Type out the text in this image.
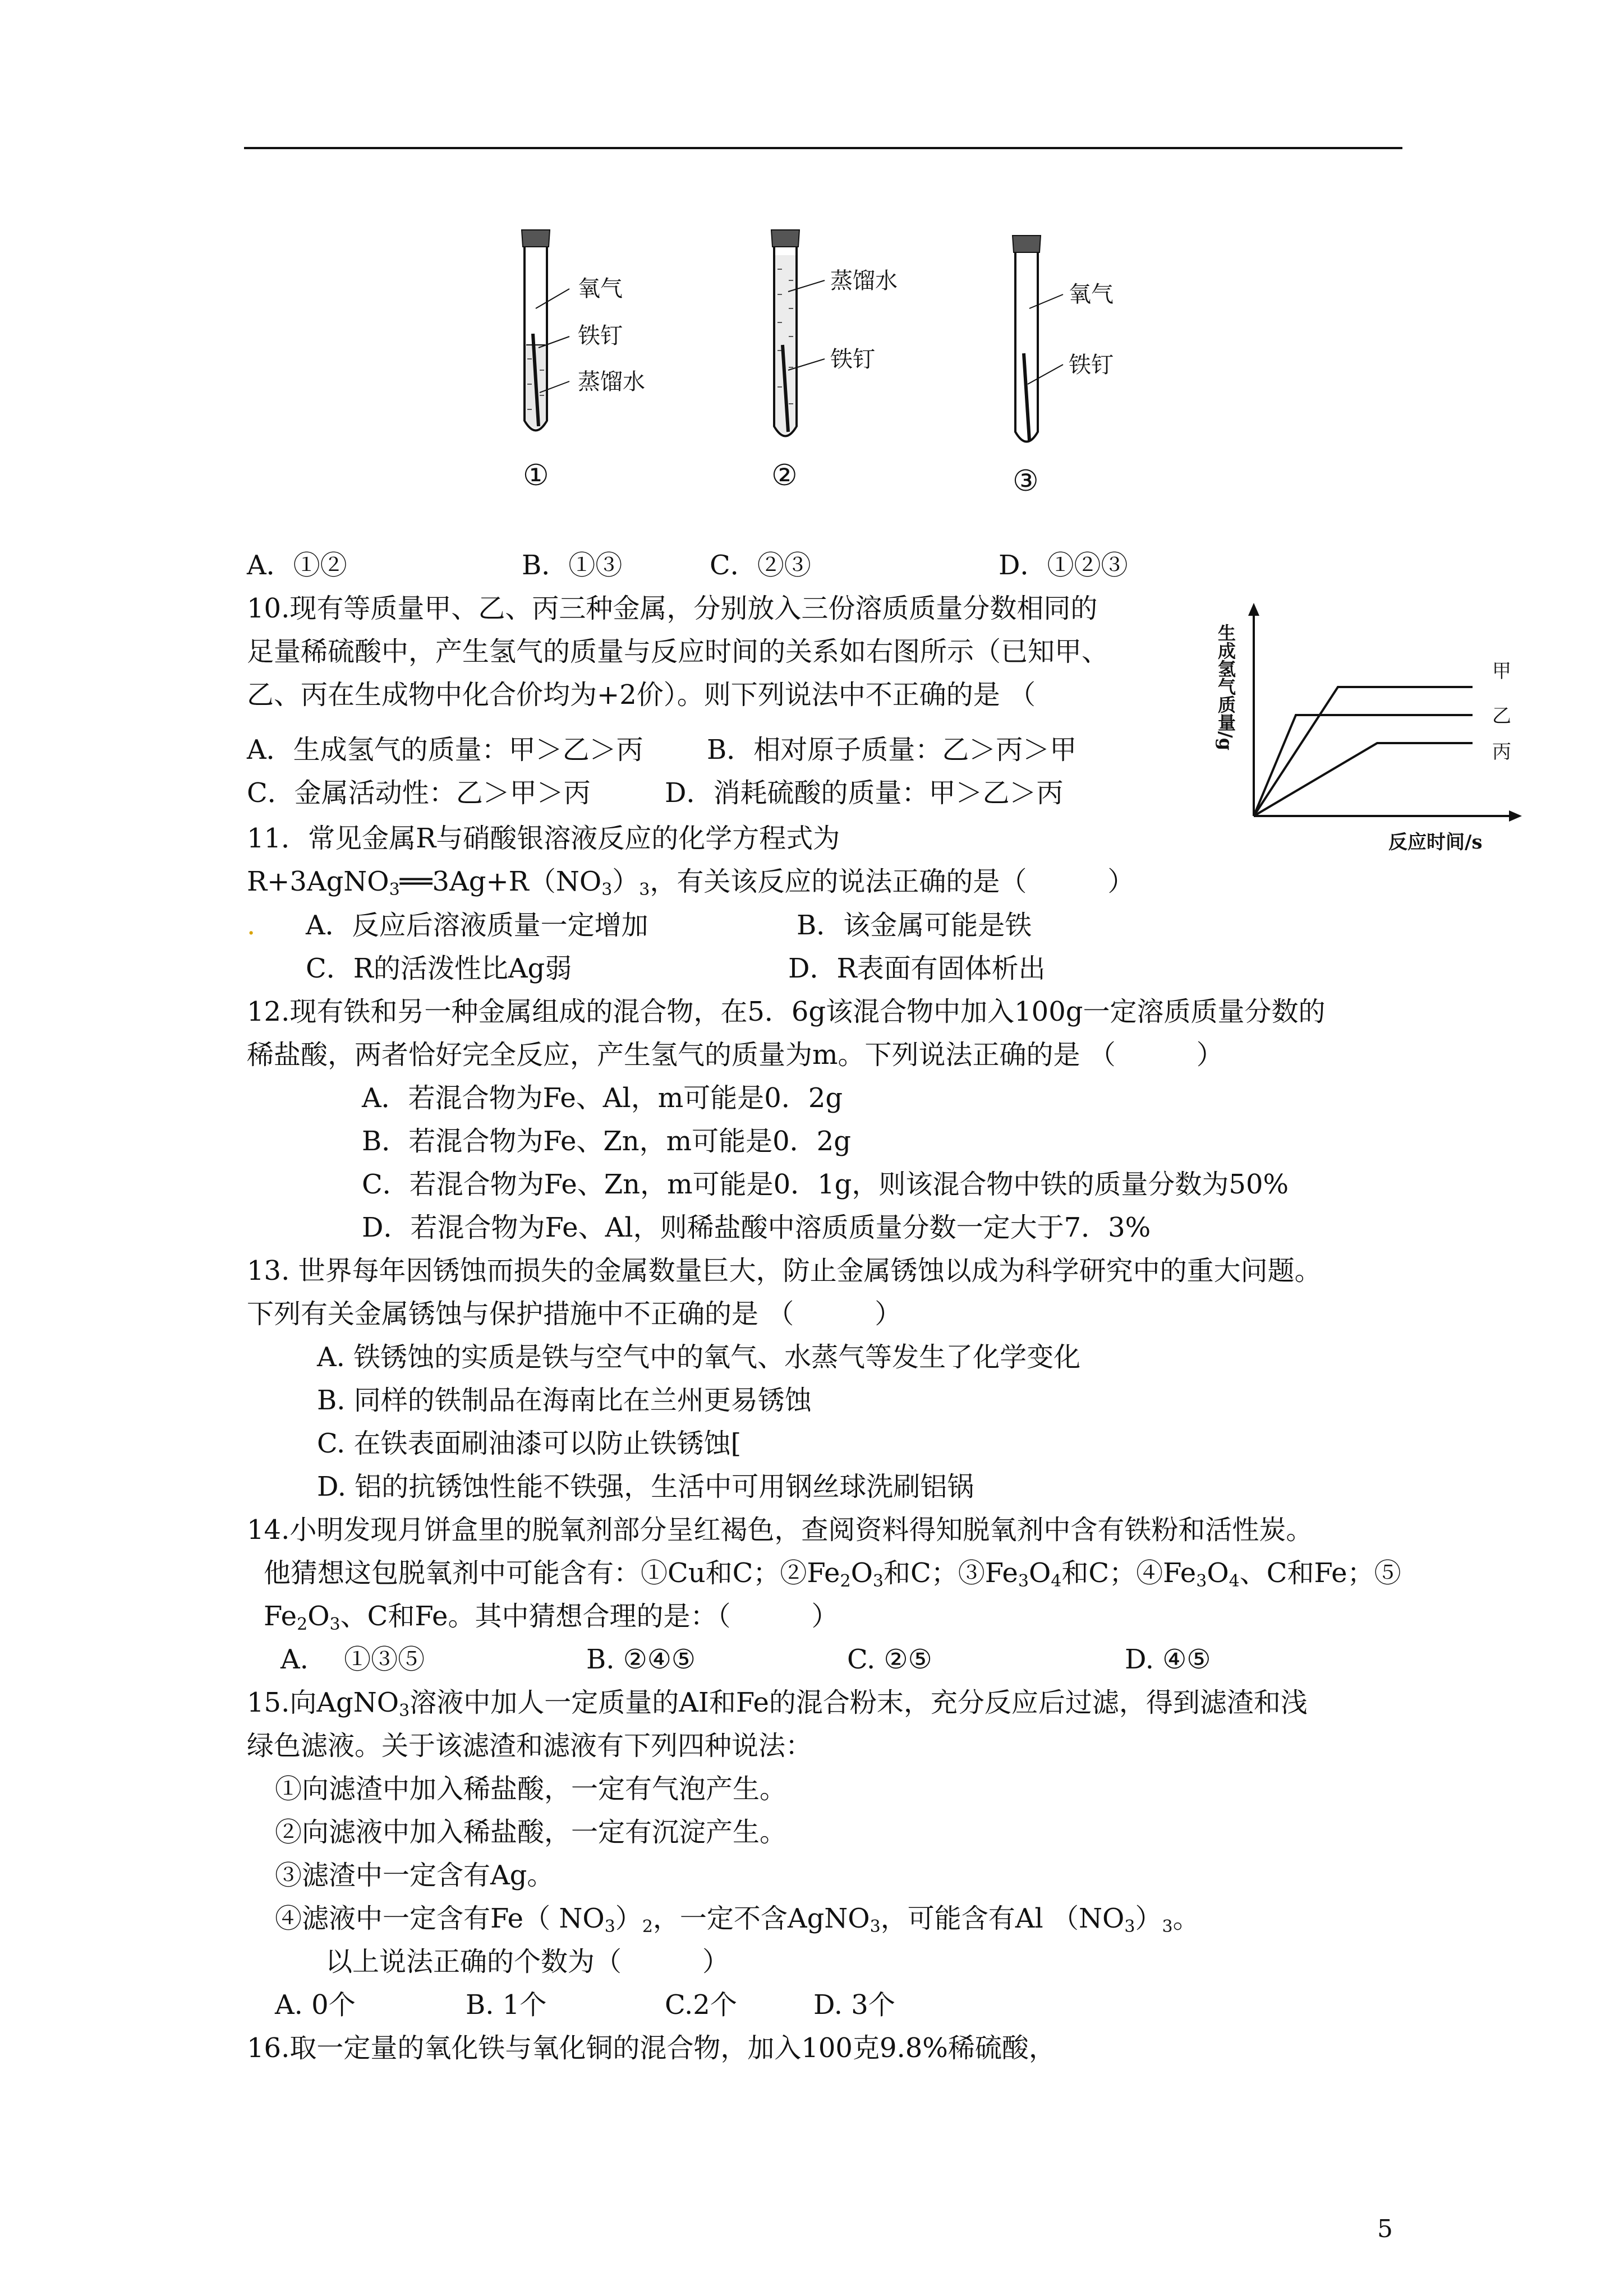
氧气
铁钉
蒸馏水
①
蒸馏水
铁钉
②
氧气
铁钉
③
A．①②	B．①③	C．②③	D．①②③
10.现有等质量甲、乙、丙三种金属，分别放入三份溶质质量分数相同的
足量稀硫酸中，产生氢气的质量与反应时间的关系如右图所示（已知甲、
乙、丙在生成物中化合价均为+2价）。则下列说法中不正确的是 （
A．生成氢气的质量：甲＞乙＞丙 B．相对原子质量：乙＞丙＞甲
C．金属活动性：乙＞甲＞丙	D．消耗硫酸的质量：甲＞乙＞丙
生成氢气质量/g
反应时间/s
甲
乙
丙
11．常见金属R与硝酸银溶液反应的化学方程式为
$R+3AgNO_3══3Ag+R(NO_3)_3$，有关该反应的说法正确的是（　　　）
. A．反应后溶液质量一定增加	B．该金属可能是铁
C．R的活泼性比Ag弱	D．R表面有固体析出
12.现有铁和另一种金属组成的混合物，在5．6g该混合物中加入100g一定溶质质量分数的
稀盐酸，两者恰好完全反应，产生氢气的质量为m。下列说法正确的是 （　　　）
A．若混合物为Fe、Al，m可能是0．2g
B．若混合物为Fe、Zn，m可能是0．2g
C．若混合物为Fe、Zn，m可能是0．1g，则该混合物中铁的质量分数为50%
D．若混合物为Fe、Al，则稀盐酸中溶质质量分数一定大于7．3%
13. 世界每年因锈蚀而损失的金属数量巨大，防止金属锈蚀以成为科学研究中的重大问题。
下列有关金属锈蚀与保护措施中不正确的是 （　　　）
A. 铁锈蚀的实质是铁与空气中的氧气、水蒸气等发生了化学变化
B. 同样的铁制品在海南比在兰州更易锈蚀
C. 在铁表面刷油漆可以防止铁锈蚀[
D. 铝的抗锈蚀性能不铁强，生活中可用钢丝球洗刷铝锅
14.小明发现月饼盒里的脱氧剂部分呈红褐色，查阅资料得知脱氧剂中含有铁粉和活性炭。
他猜想这包脱氧剂中可能含有：①Cu和C；$②Fe_2O_3$和C；$③Fe_3O_4$和C；$④Fe_3O_4$、C和Fe；⑤
$Fe_2O_3$、C和Fe。其中猜想合理的是：（　　　）
A.　 ①③⑤	B. ②④⑤	C. ②⑤	D. ④⑤
15.向AgNO$_3$溶液中加人一定质量的AI和Fe的混合粉末，充分反应后过滤，得到滤渣和浅
绿色滤液。关于该滤渣和滤液有下列四种说法：
①向滤渣中加入稀盐酸，一定有气泡产生。
②向滤液中加入稀盐酸，一定有沉淀产生。
③滤渣中一定含有Ag。
④滤液中一定含有Fe（ $NO_3)_2$，一定不含AgNO$_3$，可能含有Al $(NO_3)_3$。
以上说法正确的个数为（　　　）
A. 0个	B. 1个	C.2个	D. 3个
16.取一定量的氧化铁与氧化铜的混合物，加入100克9.8%稀硫酸，
5
